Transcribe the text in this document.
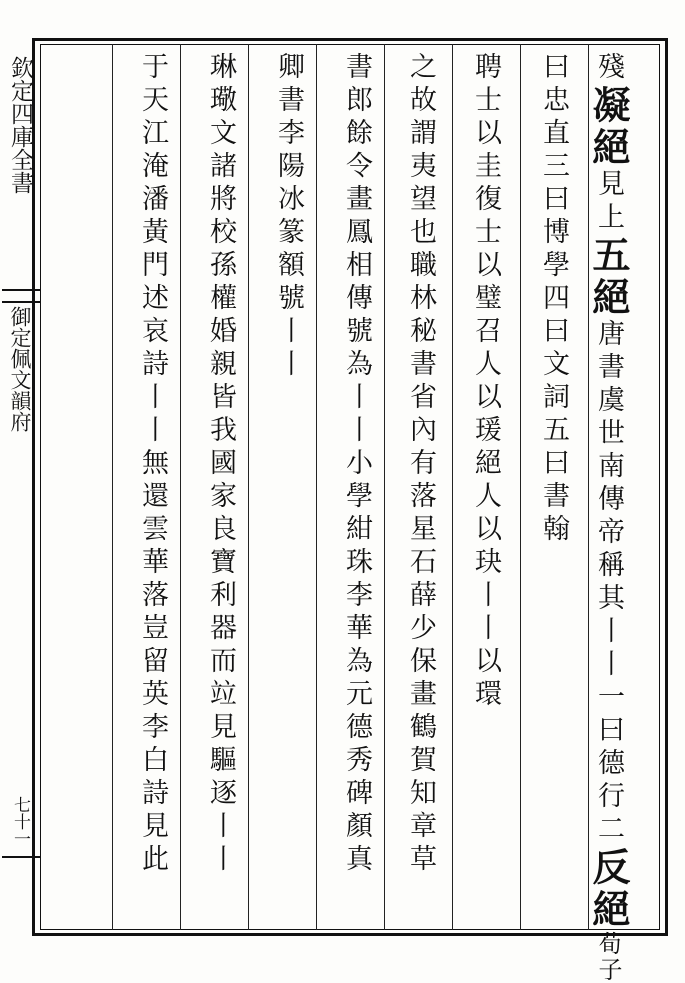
欽定四庫全書
御定佩文韻府
七十一
殘凝絕見上五絕唐書虞世南傳帝稱其丨丨一曰德行二反絕荀子
曰忠直三曰博學四曰文詞五曰書翰
聘士以圭復士以璧召人以瑗絕人以玦丨丨以環
之故謂夷望也職林秘書省內有落星石薛少保畫鶴賀知章草
書郎餘令畫鳳相傳號為丨丨小學紺珠李華為元德秀碑顏真
卿書李陽冰篆額號丨丨
琳璥文諸將校孫權婚親皆我國家良寶利器而竝見驅逐丨丨
于天江淹潘黃門述哀詩丨丨無還雲華落豈留英李白詩見此
